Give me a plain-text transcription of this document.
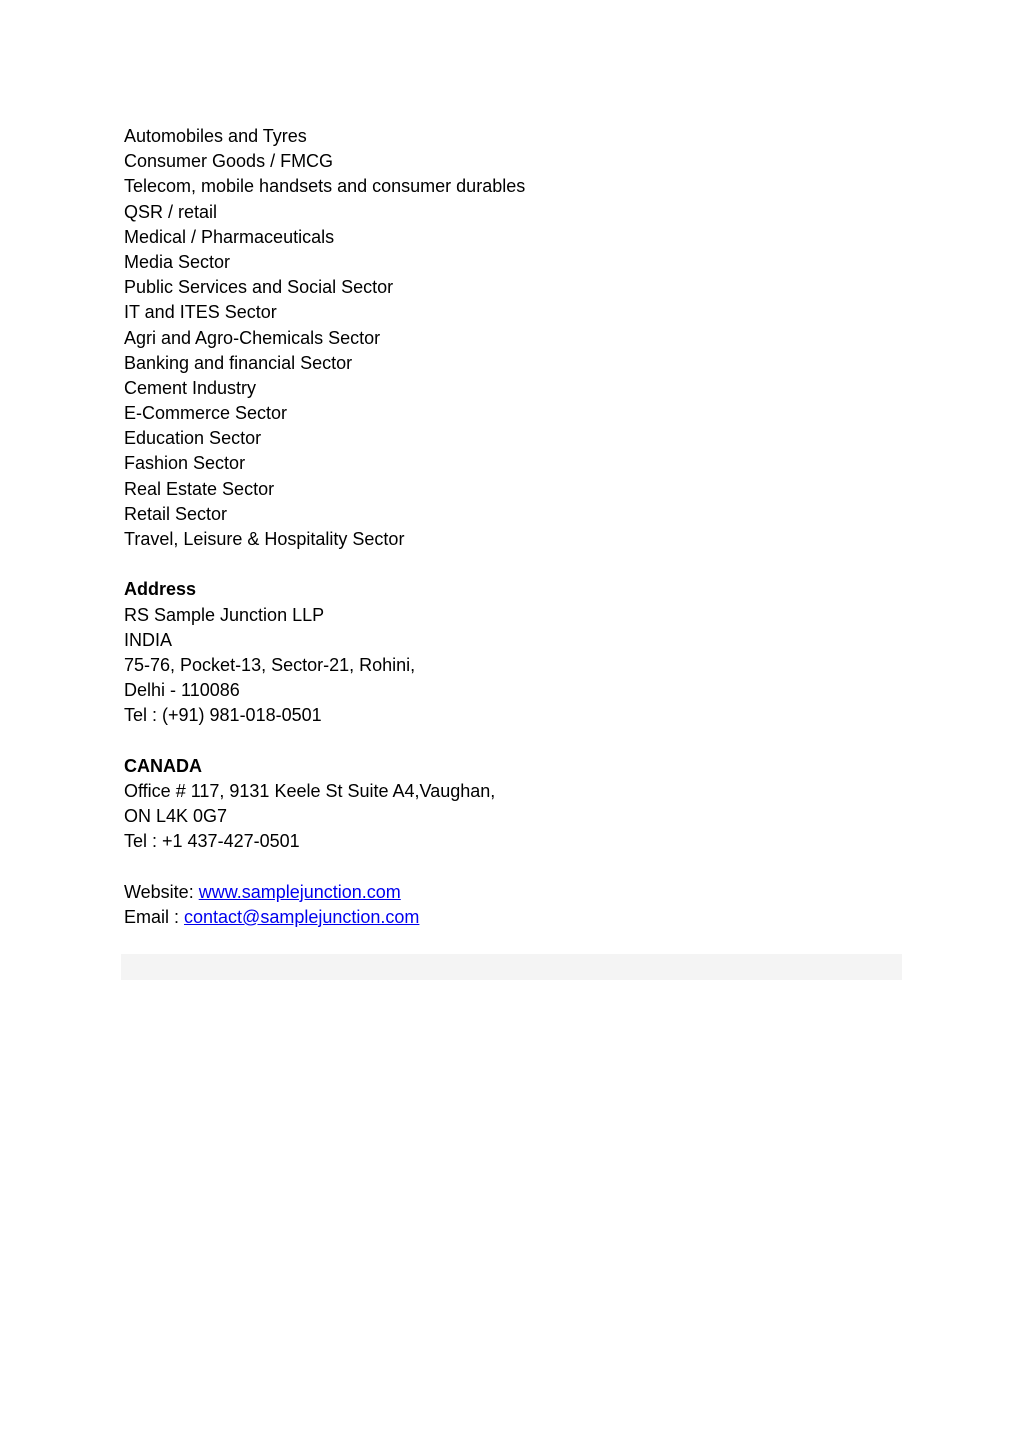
Automobiles and Tyres
Consumer Goods / FMCG
Telecom, mobile handsets and consumer durables
QSR / retail
Medical / Pharmaceuticals
Media Sector
Public Services and Social Sector
IT and ITES Sector
Agri and Agro-Chemicals Sector
Banking and financial Sector
Cement Industry
E-Commerce Sector
Education Sector
Fashion Sector
Real Estate Sector
Retail Sector
Travel, Leisure & Hospitality Sector
Address
RS Sample Junction LLP
INDIA
75-76, Pocket-13, Sector-21, Rohini,
Delhi - 110086
Tel : (+91) 981-018-0501
CANADA
Office # 117, 9131 Keele St Suite A4,Vaughan,
ON L4K 0G7
Tel : +1 437-427-0501
Website: www.samplejunction.com
Email : contact@samplejunction.com
